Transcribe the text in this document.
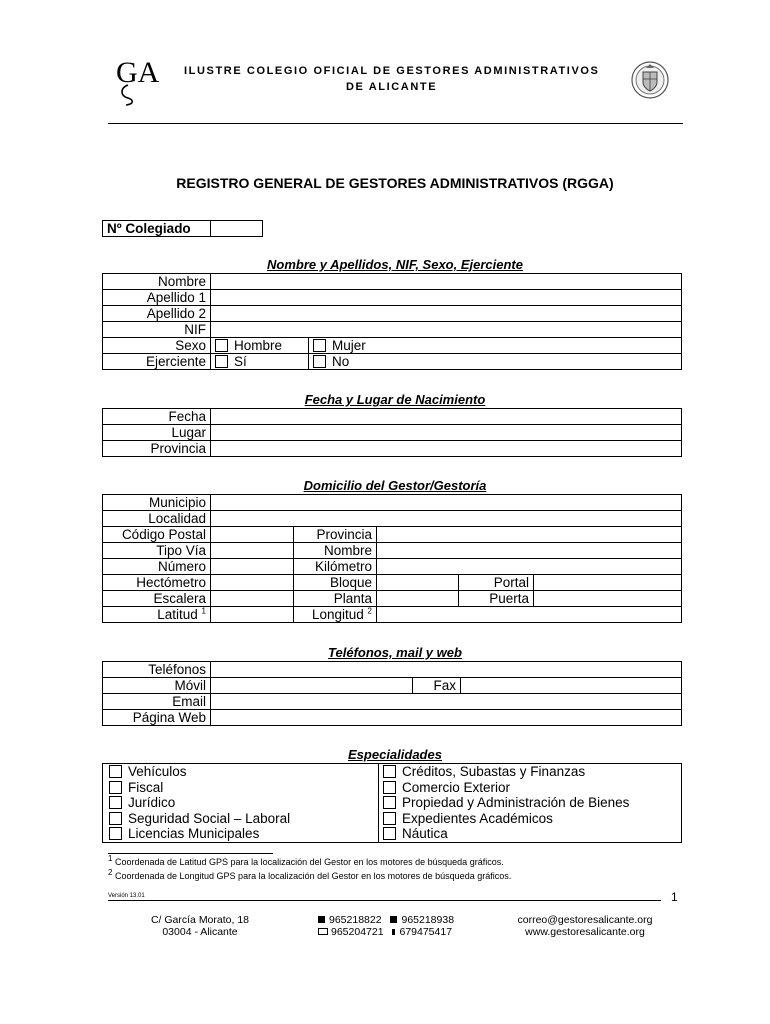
GA ILUSTRE COLEGIO OFICIAL DE GESTORES ADMINISTRATIVOS
DE ALICANTE
REGISTRO GENERAL DE GESTORES ADMINISTRATIVOS (RGGA)
Nº Colegiado	
Nombre y Apellidos, NIF, Sexo, Ejerciente
Nombre		
Apellido 1		
Apellido 2		
NIF		
Sexo	Hombre	Mujer
Ejerciente	Sí	No
Fecha y Lugar de Nacimiento
Fecha	
Lugar	
Provincia	
Domicilio del Gestor/Gestoría
Municipio					
Localidad					
Código Postal		Provincia			
Tipo Vía		Nombre			
Número		Kilómetro			
Hectómetro		Bloque		Portal	
Escalera		Planta		Puerta	
Latitud $^1$		Longitud $^2$	
Teléfonos, mail y web
Teléfonos			
Móvil		Fax	
Email			
Página Web			
Especialidades
Vehículos
Fiscal
Jurídico
Seguridad Social – Laboral
Licencias Municipales

Créditos, Subastas y Finanzas
Comercio Exterior
Propiedad y Administración de Bienes
Expedientes Académicos
Náutica
$^1$ Coordenada de Latitud GPS para la localización del Gestor en los motores de búsqueda gráficos.
$^2$ Coordenada de Longitud GPS para la localización del Gestor en los motores de búsqueda gráficos.
Versión 13.01	1
C/ García Morato, 18
03004 - Alicante
965218822 965218938
965204721 679475417
correo@gestoresalicante.org
www.gestoresalicante.org
